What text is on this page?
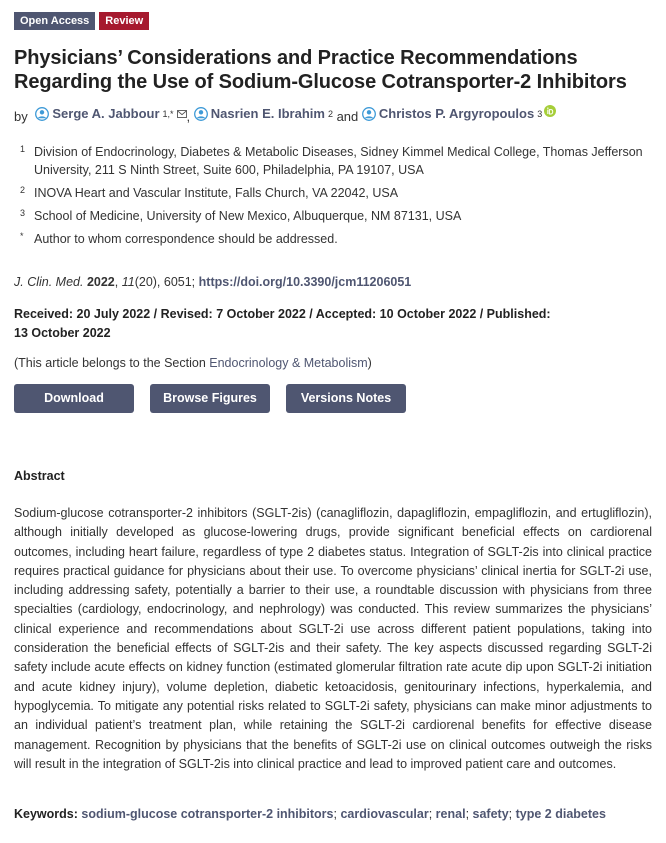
Open Access	Review
Physicians’ Considerations and Practice Recommendations Regarding the Use of Sodium-Glucose Cotransporter-2 Inhibitors
by Serge A. Jabbour 1,* , Nasrien E. Ibrahim 2 and Christos P. Argyropoulos 3
1 Division of Endocrinology, Diabetes & Metabolic Diseases, Sidney Kimmel Medical College, Thomas Jefferson University, 211 S Ninth Street, Suite 600, Philadelphia, PA 19107, USA
2 INOVA Heart and Vascular Institute, Falls Church, VA 22042, USA
3 School of Medicine, University of New Mexico, Albuquerque, NM 87131, USA
* Author to whom correspondence should be addressed.
J. Clin. Med. 2022, 11(20), 6051; https://doi.org/10.3390/jcm11206051
Received: 20 July 2022 / Revised: 7 October 2022 / Accepted: 10 October 2022 / Published: 13 October 2022
(This article belongs to the Section Endocrinology & Metabolism)
Download	Browse Figures	Versions Notes
Abstract

Sodium-glucose cotransporter-2 inhibitors (SGLT-2is) (canagliflozin, dapagliflozin, empagliflozin, and ertugliflozin), although initially developed as glucose-lowering drugs, provide significant beneficial effects on cardiorenal outcomes, including heart failure, regardless of type 2 diabetes status. Integration of SGLT-2is into clinical practice requires practical guidance for physicians about their use. To overcome physicians’ clinical inertia for SGLT-2i use, including addressing safety, potentially a barrier to their use, a roundtable discussion with physicians from three specialties (cardiology, endocrinology, and nephrology) was conducted. This review summarizes the physicians’ clinical experience and recommendations about SGLT-2i use across different patient populations, taking into consideration the beneficial effects of SGLT-2is and their safety. The key aspects discussed regarding SGLT-2i safety include acute effects on kidney function (estimated glomerular filtration rate acute dip upon SGLT-2i initiation and acute kidney injury), volume depletion, diabetic ketoacidosis, genitourinary infections, hyperkalemia, and hypoglycemia. To mitigate any potential risks related to SGLT-2i safety, physicians can make minor adjustments to an individual patient’s treatment plan, while retaining the SGLT-2i cardiorenal benefits for effective disease management. Recognition by physicians that the benefits of SGLT-2i use on clinical outcomes outweigh the risks will result in the integration of SGLT-2is into clinical practice and lead to improved patient care and outcomes.

Keywords: sodium-glucose cotransporter-2 inhibitors; cardiovascular; renal; safety; type 2 diabetes
